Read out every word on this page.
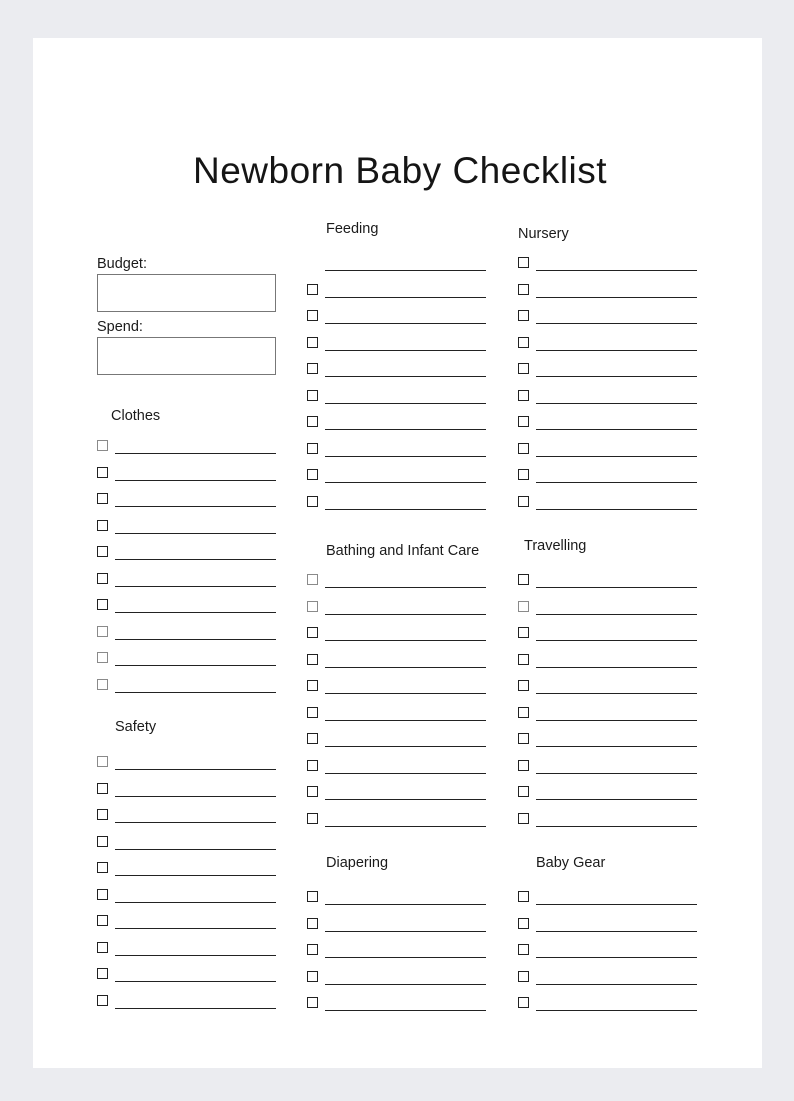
Newborn Baby Checklist
Budget:
Spend:
Clothes
Safety
Feeding
Bathing and Infant Care
Diapering
Nursery
Travelling
Baby Gear
